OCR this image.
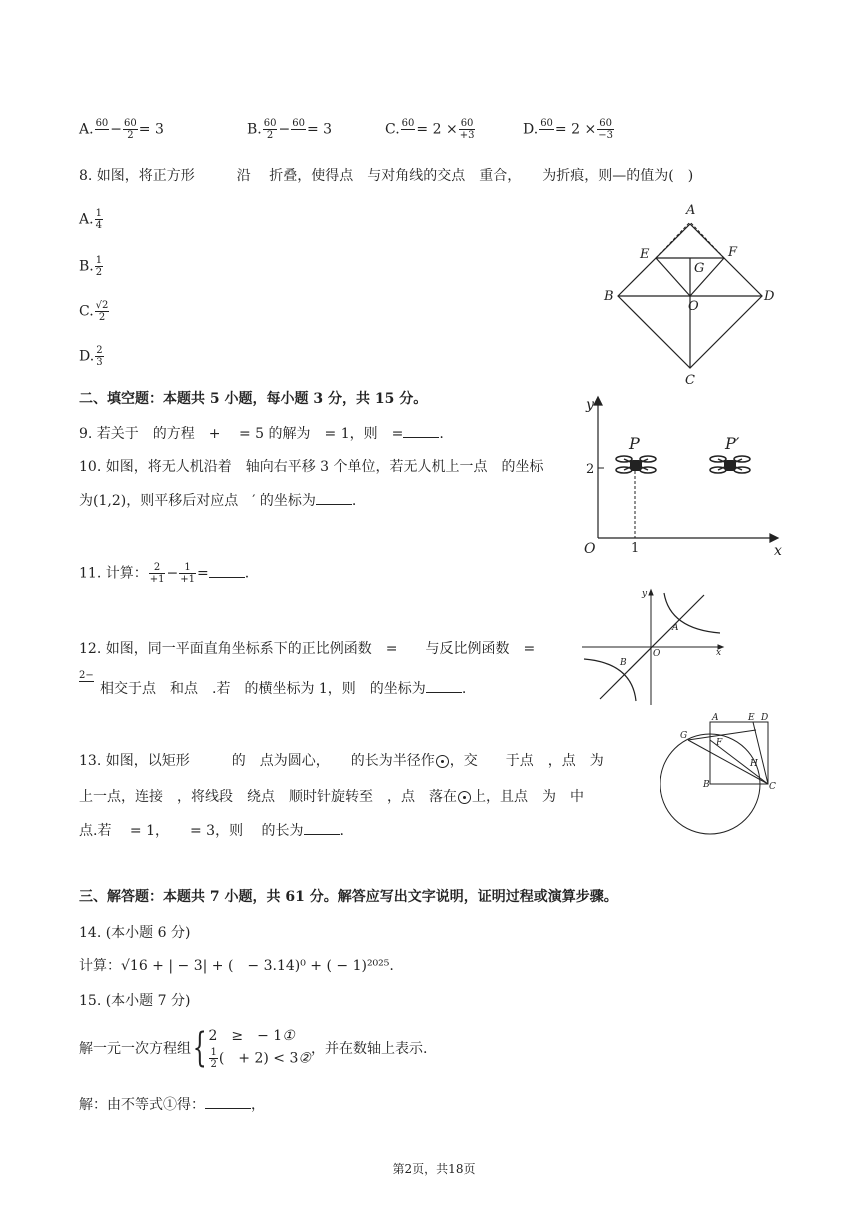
A. 60
− $\frac{60}{2} = 3$	B. $\frac{60}{2} - 60$
= 3	C. 60
= $2 \times \frac{60}{+3}$	D. 60
= $2 \times \frac{60}{-3}$
8. 如图，将正方形　　　沿　 折叠，使得点　与对角线的交点　重合，　　为折痕，则—的值为(　)
A. $\frac{1}{4}$
B. $\frac{1}{2}$
C. $\frac{√2}{2}$
D. $\frac{2}{3}$
A
E	F
G
B
O
D
C
二、填空题：本题共 5 小题，每小题 3 分，共 15 分。
9. 若关于　的方程　+　 = 5 的解为　= 1，则　=	.
10. 如图，将无人机沿着　轴向右平移 3 个单位，若无人机上一点　的坐标
为(1,2)，则平移后对应点　′ 的坐标为	.
y
x
O
P	P′
2
1
11. 计算： $\frac{2}{+1} - \frac{1}{+1}$ =	.
12. 如图，同一平面直角坐标系下的正比例函数　=　　与反比例函数　=
2−
相交于点　和点　.若　的横坐标为 1，则　的坐标为	.
y
x
O
A
B
13. 如图，以矩形　　　的　点为圆心，　　的长为半径作 ，交　　于点　，点　为
上一点，连接　，将线段　绕点　顺时针旋转至　，点　落在 上，且点　为　中
点.若　 = 1，　　= 3，则　 的长为	.
A	E D
G
F
H
B	C
三、解答题：本题共 7 小题，共 61 分。解答应写出文字说明，证明过程或演算步骤。
14. (本小题 6 分)
计算：√16 + | − 3| + (　− 3.14)⁰ + ( − 1)²⁰²⁵.
15. (本小题 7 分)
解一元一次方程组{ 2　≥　− 1①
$\frac{1}{2}$ (　+ 2) < 3②
，并在数轴上表示.
解：由不等式①得：	，
第2页，共18页
